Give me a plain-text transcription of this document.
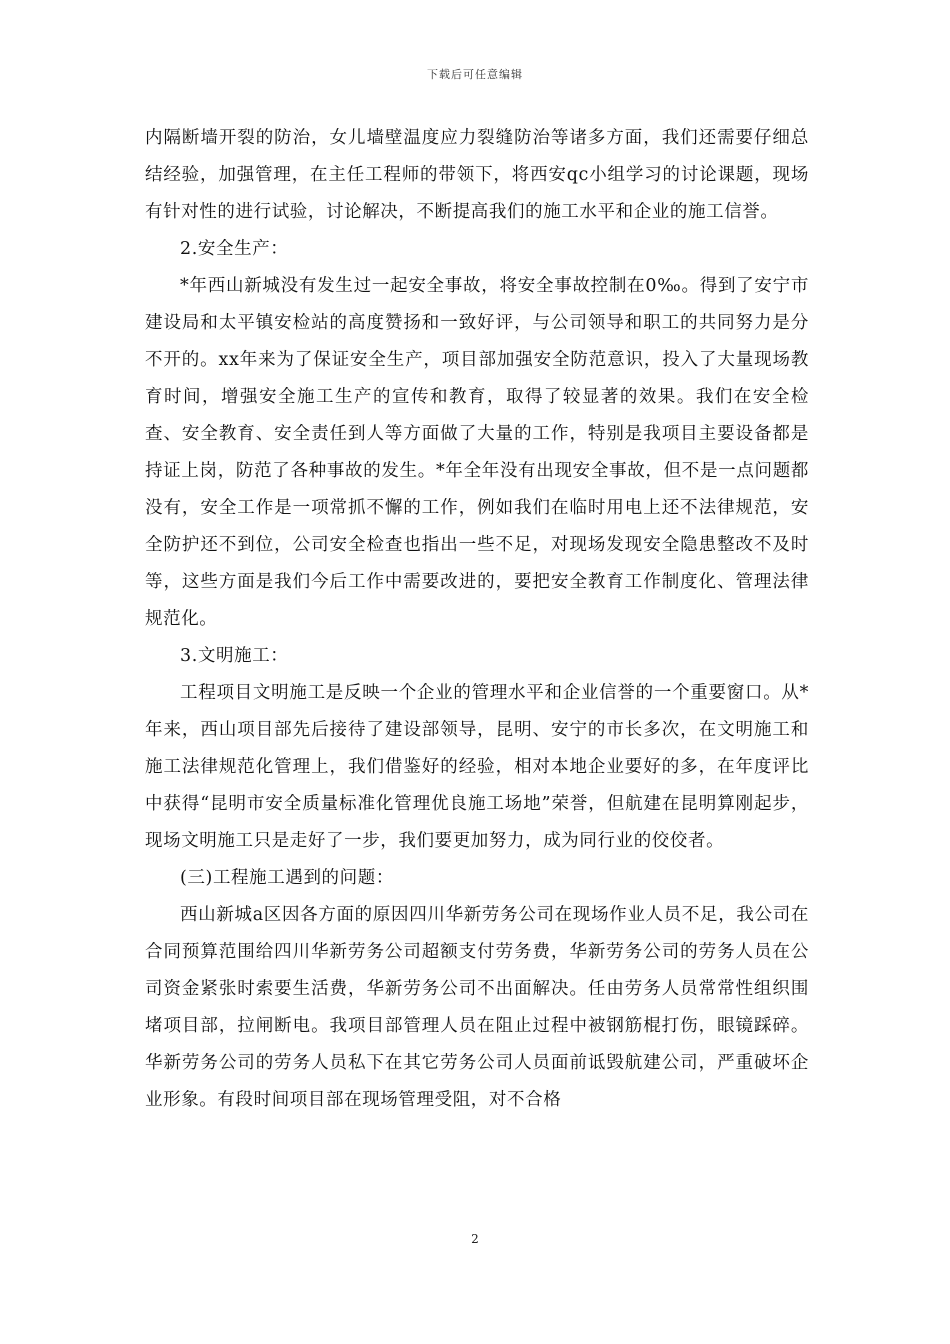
下载后可任意编辑

内隔断墙开裂的防治，女儿墙壁温度应力裂缝防治等诸多方面，我们还需要仔细总结经验，加强管理，在主任工程师的带领下，将西安qc小组学习的讨论课题，现场有针对性的进行试验，讨论解决，不断提高我们的施工水平和企业的施工信誉。

2.安全生产：

*年西山新城没有发生过一起安全事故，将安全事故控制在0‰。得到了安宁市建设局和太平镇安检站的高度赞扬和一致好评，与公司领导和职工的共同努力是分不开的。xx年来为了保证安全生产，项目部加强安全防范意识，投入了大量现场教育时间，增强安全施工生产的宣传和教育，取得了较显著的效果。我们在安全检查、安全教育、安全责任到人等方面做了大量的工作，特别是我项目主要设备都是持证上岗，防范了各种事故的发生。*年全年没有出现安全事故，但不是一点问题都没有，安全工作是一项常抓不懈的工作，例如我们在临时用电上还不法律规范，安全防护还不到位，公司安全检查也指出一些不足，对现场发现安全隐患整改不及时等，这些方面是我们今后工作中需要改进的，要把安全教育工作制度化、管理法律规范化。

3.文明施工：

工程项目文明施工是反映一个企业的管理水平和企业信誉的一个重要窗口。从*年来，西山项目部先后接待了建设部领导，昆明、安宁的市长多次，在文明施工和施工法律规范化管理上，我们借鉴好的经验，相对本地企业要好的多，在年度评比中获得“昆明市安全质量标准化管理优良施工场地”荣誉，但航建在昆明算刚起步，现场文明施工只是走好了一步，我们要更加努力，成为同行业的佼佼者。

(三)工程施工遇到的问题：

西山新城a区因各方面的原因四川华新劳务公司在现场作业人员不足，我公司在合同预算范围给四川华新劳务公司超额支付劳务费，华新劳务公司的劳务人员在公司资金紧张时索要生活费，华新劳务公司不出面解决。任由劳务人员常常性组织围堵项目部，拉闸断电。我项目部管理人员在阻止过程中被钢筋棍打伤，眼镜踩碎。华新劳务公司的劳务人员私下在其它劳务公司人员面前诋毁航建公司，严重破坏企业形象。有段时间项目部在现场管理受阻，对不合格

2
